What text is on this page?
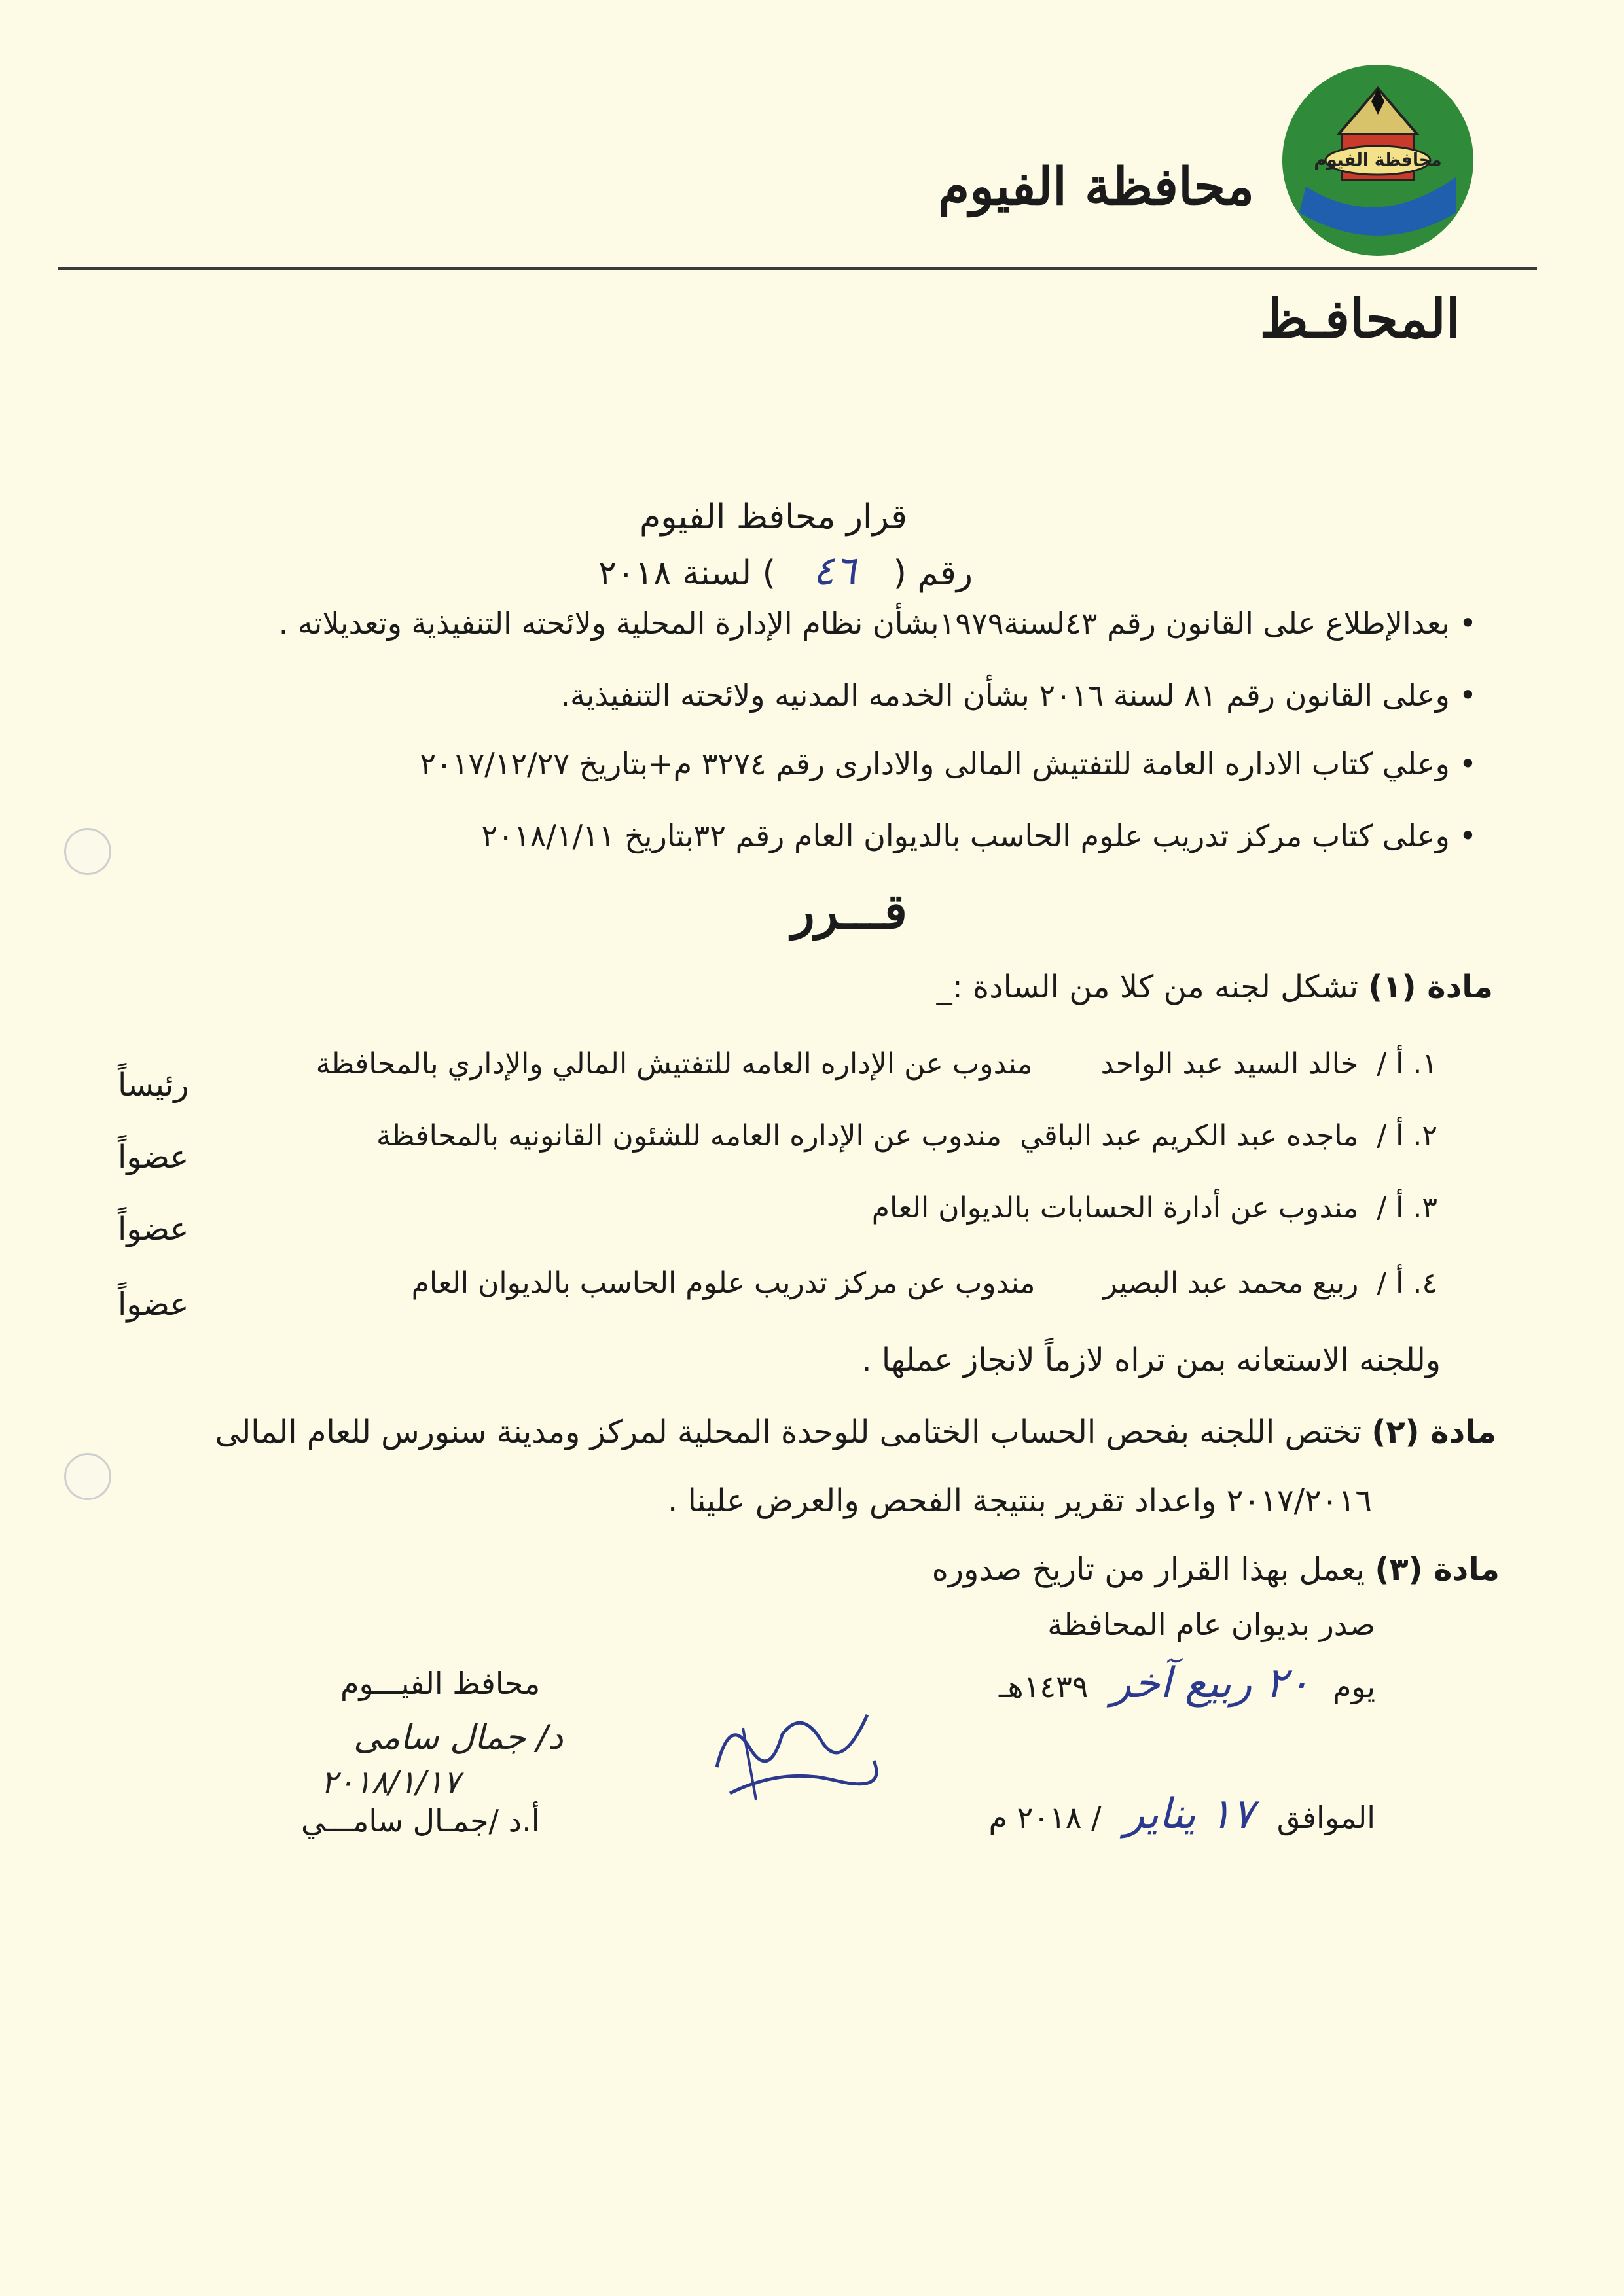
محافظة الفيوم
محافظة الفيوم
المحافـظ
قرار محافظ الفيوم
رقم ( ٤٦ ) لسنة ٢٠١٨
• بعدالإطلاع على القانون رقم ٤٣لسنة١٩٧٩بشأن نظام الإدارة المحلية ولائحته التنفيذية وتعديلاته .
• وعلى القانون رقم ٨١ لسنة ٢٠١٦ بشأن الخدمه المدنيه ولائحته التنفيذية.
• وعلي كتاب الاداره العامة للتفتيش المالى والادارى رقم ٣٢٧٤ م+بتاريخ ٢٠١٧/١٢/٢٧
• وعلى كتاب مركز تدريب علوم الحاسب بالديوان العام رقم ٣٢بتاريخ ٢٠١٨/١/١١
قـــرر
مادة (١) تشكل لجنه من كلا من السادة :_
١. أ / خالد السيد عبد الواحد مندوب عن الإداره العامه للتفتيش المالي والإداري بالمحافظة
رئيساً
٢. أ / ماجده عبد الكريم عبد الباقي مندوب عن الإداره العامه للشئون القانونيه بالمحافظة
عضواً
٣. أ / مندوب عن أدارة الحسابات بالديوان العام
عضواً
٤. أ / ربيع محمد عبد البصير مندوب عن مركز تدريب علوم الحاسب بالديوان العام
عضواً
وللجنه الاستعانه بمن تراه لازماً لانجاز عملها .
مادة (٢) تختص اللجنه بفحص الحساب الختامى للوحدة المحلية لمركز ومدينة سنورس للعام المالى
٢٠١٧/٢٠١٦ واعداد تقرير بنتيجة الفحص والعرض علينا .
مادة (٣) يعمل بهذا القرار من تاريخ صدوره
صدر بديوان عام المحافظة
يوم ٢٠ ربيع آخر ١٤٣٩هـ
الموافق ١٧ يناير / ٢٠١٨ م
محافظ الفيـــوم
د/ جمال سامى
٢٠١٨/١/١٧
أ.د /جمـال سامـــي
